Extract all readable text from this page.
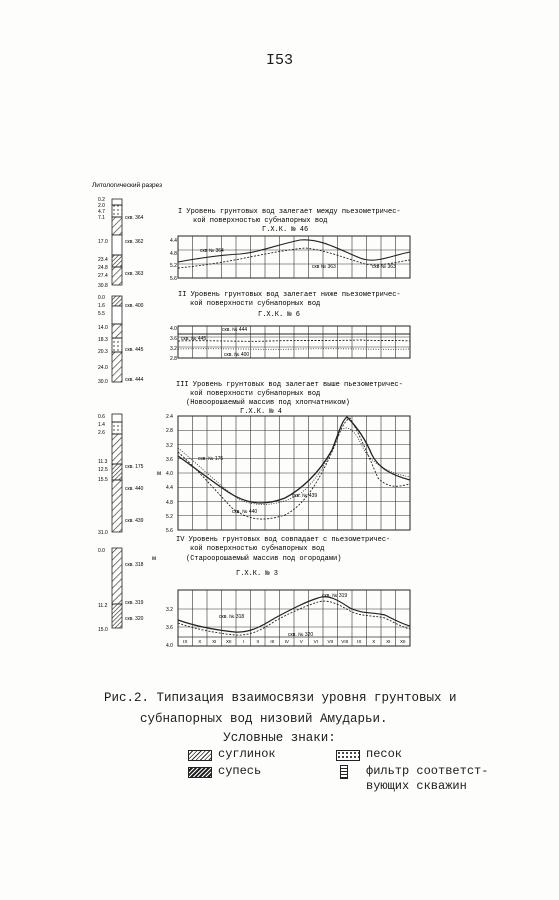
I53
Литологический разрез
0.2
2.0
4.7
7.1
17.0
23.4
24.8
27.4
30.8
скв. 364
скв. 362
скв. 363
I Уровень грунтовых вод залегает между пьезометричес-
кой поверхностью субнапорных вод
Г.Х.К. № 46
4.4
4.8
5.2
5.6
скв № 364
скв № 363	скв № 363
0.0
1.6
5.5
14.0
18.3
20.3
24.0
30.0
скв. 400
скв. 445
скв. 444
II Уровень грунтовых вод залегает ниже пьезометричес-
кой поверхности субнапорных вод
Г.Х.К. № 6
4.0
3.6
3.2
2.8
скв. № 444
скв. № 445
скв. № 400
0.6
1.4
2.6
11.3
12.5
15.5
31.0
скв. 175
скв. 440
скв. 439
III Уровень грунтовых вод залегает выше пьезометричес-
кой поверхности субнапорных вод
(Новоорошаемый массив под хлопчатником)
Г.Х.К. № 4
2.4
2.8
3.2
3.6
4.0
4.4
4.8
5.2
5.6
м
скв. № 175
скв. № 439
скв. № 440
0.0
11.2
15.0
скв. 318
скв. 319
скв. 320
м
IV Уровень грунтовых вод совпадает с пьезометричес-
кой поверхностью субнапорных вод
(Староорошаемый массив под огородами)
Г.Х.К. № 3
3.2
3.6
4.0
скв. № 318
скв. № 319
скв. № 320
IX X XI XII I	II III IV V VI VII VIII IX X XI XII
Рис.2. Типизация взаимосвязи уровня грунтовых и
субнапорных вод низовий Амударьи.
Условные знаки:
суглинок
супесь
песок
фильтр соответст-
вующих скважин
